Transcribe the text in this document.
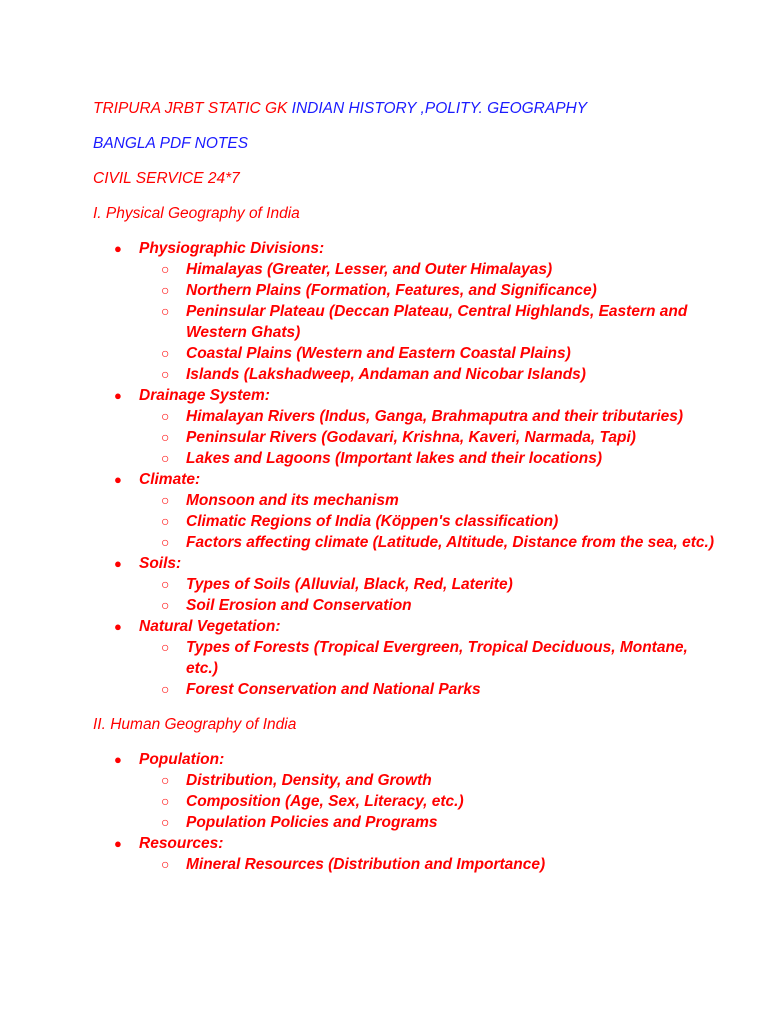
TRIPURA JRBT STATIC GK INDIAN HISTORY ,POLITY. GEOGRAPHY
BANGLA PDF NOTES
CIVIL SERVICE 24*7
I. Physical Geography of India
● Physiographic Divisions:
○ Himalayas (Greater, Lesser, and Outer Himalayas)
○ Northern Plains (Formation, Features, and Significance)
○ Peninsular Plateau (Deccan Plateau, Central Highlands, Eastern and Western Ghats)
○ Coastal Plains (Western and Eastern Coastal Plains)
○ Islands (Lakshadweep, Andaman and Nicobar Islands)
● Drainage System:
○ Himalayan Rivers (Indus, Ganga, Brahmaputra and their tributaries)
○ Peninsular Rivers (Godavari, Krishna, Kaveri, Narmada, Tapi)
○ Lakes and Lagoons (Important lakes and their locations)
● Climate:
○ Monsoon and its mechanism
○ Climatic Regions of India (Köppen's classification)
○ Factors affecting climate (Latitude, Altitude, Distance from the sea, etc.)
● Soils:
○ Types of Soils (Alluvial, Black, Red, Laterite)
○ Soil Erosion and Conservation
● Natural Vegetation:
○ Types of Forests (Tropical Evergreen, Tropical Deciduous, Montane, etc.)
○ Forest Conservation and National Parks
II. Human Geography of India
● Population:
○ Distribution, Density, and Growth
○ Composition (Age, Sex, Literacy, etc.)
○ Population Policies and Programs
● Resources:
○ Mineral Resources (Distribution and Importance)
